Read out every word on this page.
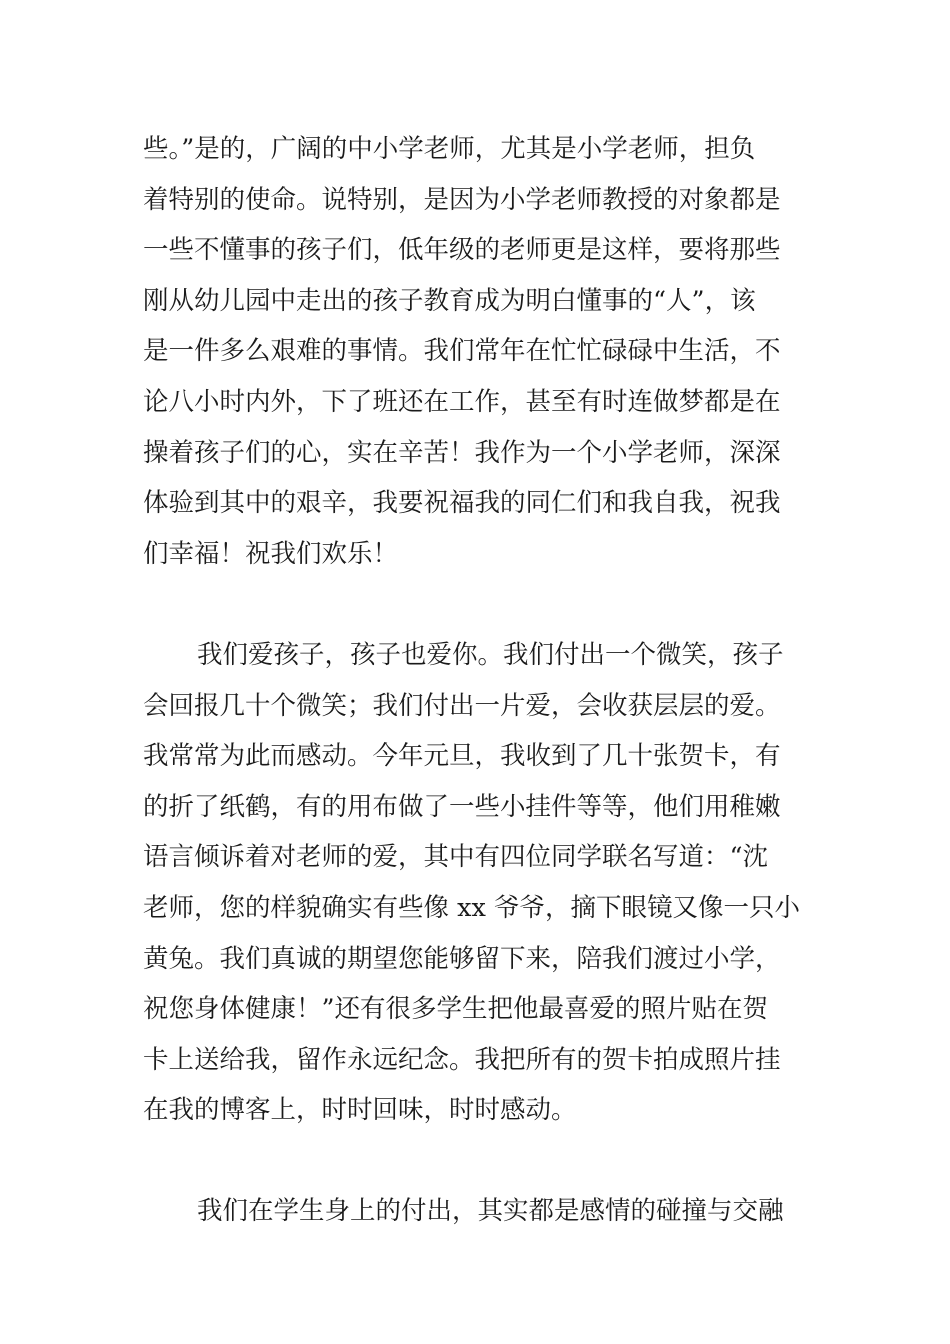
些。”是的，广阔的中小学老师，尤其是小学老师，担负
着特别的使命。说特别，是因为小学老师教授的对象都是
一些不懂事的孩子们，低年级的老师更是这样，要将那些
刚从幼儿园中走出的孩子教育成为明白懂事的“人”，该
是一件多么艰难的事情。我们常年在忙忙碌碌中生活，不
论八小时内外，下了班还在工作，甚至有时连做梦都是在
操着孩子们的心，实在辛苦！我作为一个小学老师，深深
体验到其中的艰辛，我要祝福我的同仁们和我自我，祝我
们幸福！祝我们欢乐！
我们爱孩子，孩子也爱你。我们付出一个微笑，孩子
会回报几十个微笑；我们付出一片爱，会收获层层的爱。
我常常为此而感动。今年元旦，我收到了几十张贺卡，有
的折了纸鹤，有的用布做了一些小挂件等等，他们用稚嫩
语言倾诉着对老师的爱，其中有四位同学联名写道：“沈
老师，您的样貌确实有些像 xx 爷爷，摘下眼镜又像一只小
黄兔。我们真诚的期望您能够留下来，陪我们渡过小学，
祝您身体健康！”还有很多学生把他最喜爱的照片贴在贺
卡上送给我，留作永远纪念。我把所有的贺卡拍成照片挂
在我的博客上，时时回味，时时感动。
我们在学生身上的付出，其实都是感情的碰撞与交融
